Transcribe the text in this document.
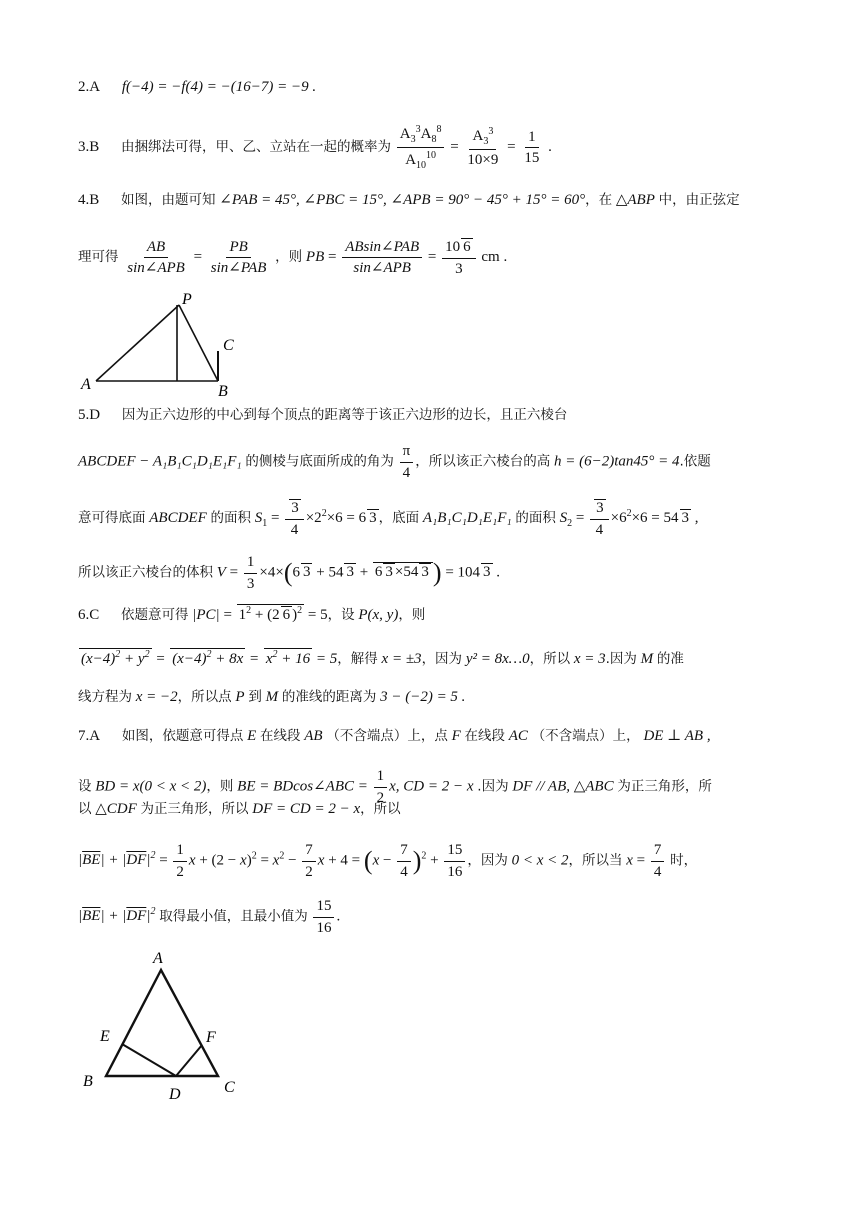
2.A f(−4) = −f(4) = −(16−7) = −9 .
3.B 由捆绑法可得，甲、乙、立站在一起的概率为 $\frac{A_3^3A_8^8}{A_{10}^{10}} = \frac{A_3^3}{10\times 9} = \frac{1}{15}$ .
4.B 如图，由题可知 ∠PAB = 45°, ∠PBC = 15°, ∠APB = 90° − 45° + 15° = 60°，在 △ABP 中，由正弦定
理可得 $\frac{AB}{\text{sin∠APB}} = \frac{PB}{\text{sin∠PAB}}$ ，则 PB = $\frac{\text{ABsin∠PAB}}{\text{sin∠APB}} = \frac{10 6}{3}$ cm .
P
C
A	B
5.D 因为正六边形的中心到每个顶点的距离等于该正六边形的边长，且正六棱台
ABCDEF − A₁B₁C₁D₁E₁F₁ 的侧棱与底面所成的角为 $\frac{\pi}{4}$ ，所以该正六棱台的高 h = (6−2)tan45° = 4.依题
意可得底面 ABCDEF 的面积 $S_1 = \frac{3}{4} \times 2^2\times 6 = 6$ 3 ，底面 A₁B₁C₁D₁E₁F₁ 的面积 $S_2 = \frac{3}{4} \times 6^2\times 6 = 54$ 3 ,
所以该正六棱台的体积 $V = \frac{1}{3} \times 4\times(6$ 3 + 54 3 + 6 3 ×54 3 ) = 104 3 .
6.C 依题意可得 $|PC| = 1^2 + (2$ 6 )$^2$ = 5，设 P(x, y)，则
$(x-4)^2 + y^2 = (x-4)^2 + 8x = x^2 + 16 = 5$，解得 x = ±3，因为 y² = 8x…0，所以 x = 3.因为 M 的准
线方程为 x = −2，所以点 P 到 M 的准线的距离为 3 − (−2) = 5 .
7.A 如图，依题意可得点 E 在线段 AB （不含端点）上，点 F 在线段 AC （不含端点）上， DE ⊥ AB ,
设 BD = x(0 < x < 2)，则 BE = BDcos∠ABC = $\frac{1}{2} x$, CD = 2 − x .因为 DF // AB, △ABC 为正三角形，所
以 △CDF 为正三角形，所以 DF = CD = 2 − x，所以
$|\overline{BE}| + |\overline{DF}|^2 = \frac{1}{2}$ $x + (2 - x)^2 = x^2 - \frac{7}{2}$ $x + 4 = (x - \frac{7}{4} )^2 + \frac{15}{16}$ ，因为 0 < x < 2，所以当 $x = \frac{7}{4}$ 时，
$|\overline{BE}| + |\overline{DF}|^2$ 取得最小值，且最小值为 $\frac{15}{16}$ .
A
E	F
B
D	C
